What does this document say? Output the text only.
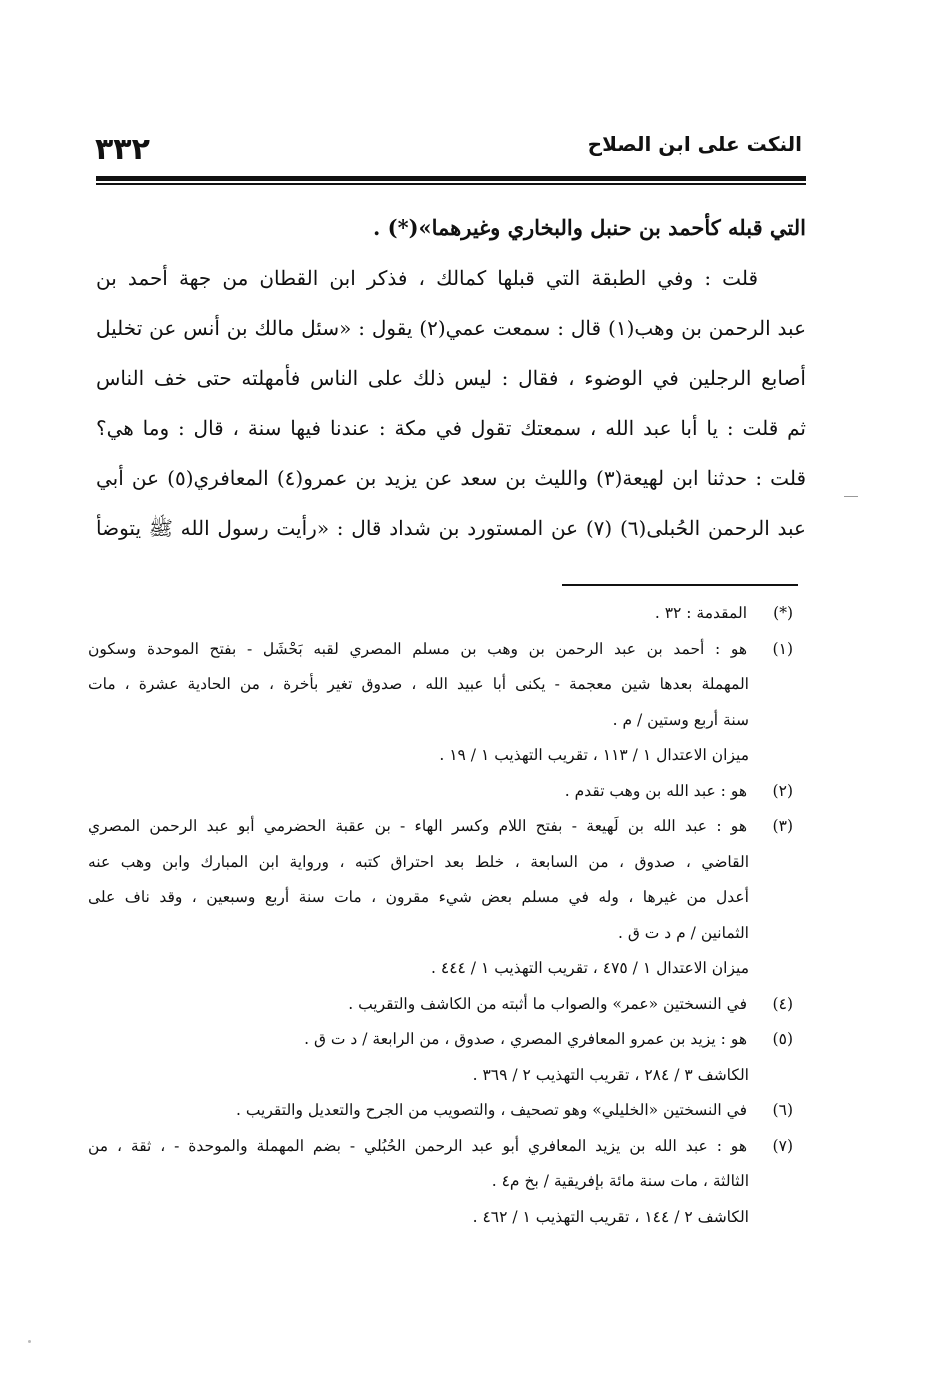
٣٣٢	النكت على ابن الصلاح
التي قبله كأحمد بن حنبل والبخاري وغيرهما»(*) .
قلت : وفي الطبقة التي قبلها كمالك ، فذكر ابن القطان من جهة أحمد بن
عبد الرحمن بن وهب(١) قال : سمعت عمي(٢) يقول : «سئل مالك بن أنس عن تخليل
أصابع الرجلين في الوضوء ، فقال : ليس ذلك على الناس فأمهلته حتى خف الناس
ثم قلت : يا أبا عبد الله ، سمعتك تقول في مكة : عندنا فيها سنة ، قال : وما هي؟
قلت : حدثنا ابن لهيعة(٣) والليث بن سعد عن يزيد بن عمرو(٤) المعافري(٥) عن أبي
عبد الرحمن الحُبلى(٦) (٧) عن المستورد بن شداد قال : «رأيت رسول الله ﷺ يتوضأ
(*)
المقدمة : ٣٢ .
(١)
هو : أحمد بن عبد الرحمن بن وهب بن مسلم المصري لقبه بَحْشَل - بفتح الموحدة وسكون
المهملة بعدها شين معجمة - يكنى أبا عبيد الله ، صدوق تغير بأخرة ، من الحادية عشرة ، مات
سنة أربع وستين / م .
ميزان الاعتدال ١ / ١١٣ ، تقريب التهذيب ١ / ١٩ .
(٢)
هو : عبد الله بن وهب تقدم .
(٣)
هو : عبد الله بن لَهيعة - بفتح اللام وكسر الهاء - بن عقبة الحضرمي أبو عبد الرحمن المصري
القاضي ، صدوق ، من السابعة ، خلط بعد احتراق كتبه ، ورواية ابن المبارك وابن وهب عنه
أعدل من غيرها ، وله في مسلم بعض شيء مقرون ، مات سنة أربع وسبعين ، وقد ناف على
الثمانين / م د ت ق .
ميزان الاعتدال ١ / ٤٧٥ ، تقريب التهذيب ١ / ٤٤٤ .
(٤)
في النسختين «عمر» والصواب ما أثبته من الكاشف والتقريب .
(٥)
هو : يزيد بن عمرو المعافري المصري ، صدوق ، من الرابعة / د ت ق .
الكاشف ٣ / ٢٨٤ ، تقريب التهذيب ٢ / ٣٦٩ .
(٦)
في النسختين «الخليلي» وهو تصحيف ، والتصويب من الجرح والتعديل والتقريب .
(٧)
هو : عبد الله بن يزيد المعافري أبو عبد الرحمن الحُبُلي - بضم المهملة والموحدة - ، ثقة ، من
الثالثة ، مات سنة مائة بإفريقية / بخ م٤ .
الكاشف ٢ / ١٤٤ ، تقريب التهذيب ١ / ٤٦٢ .
